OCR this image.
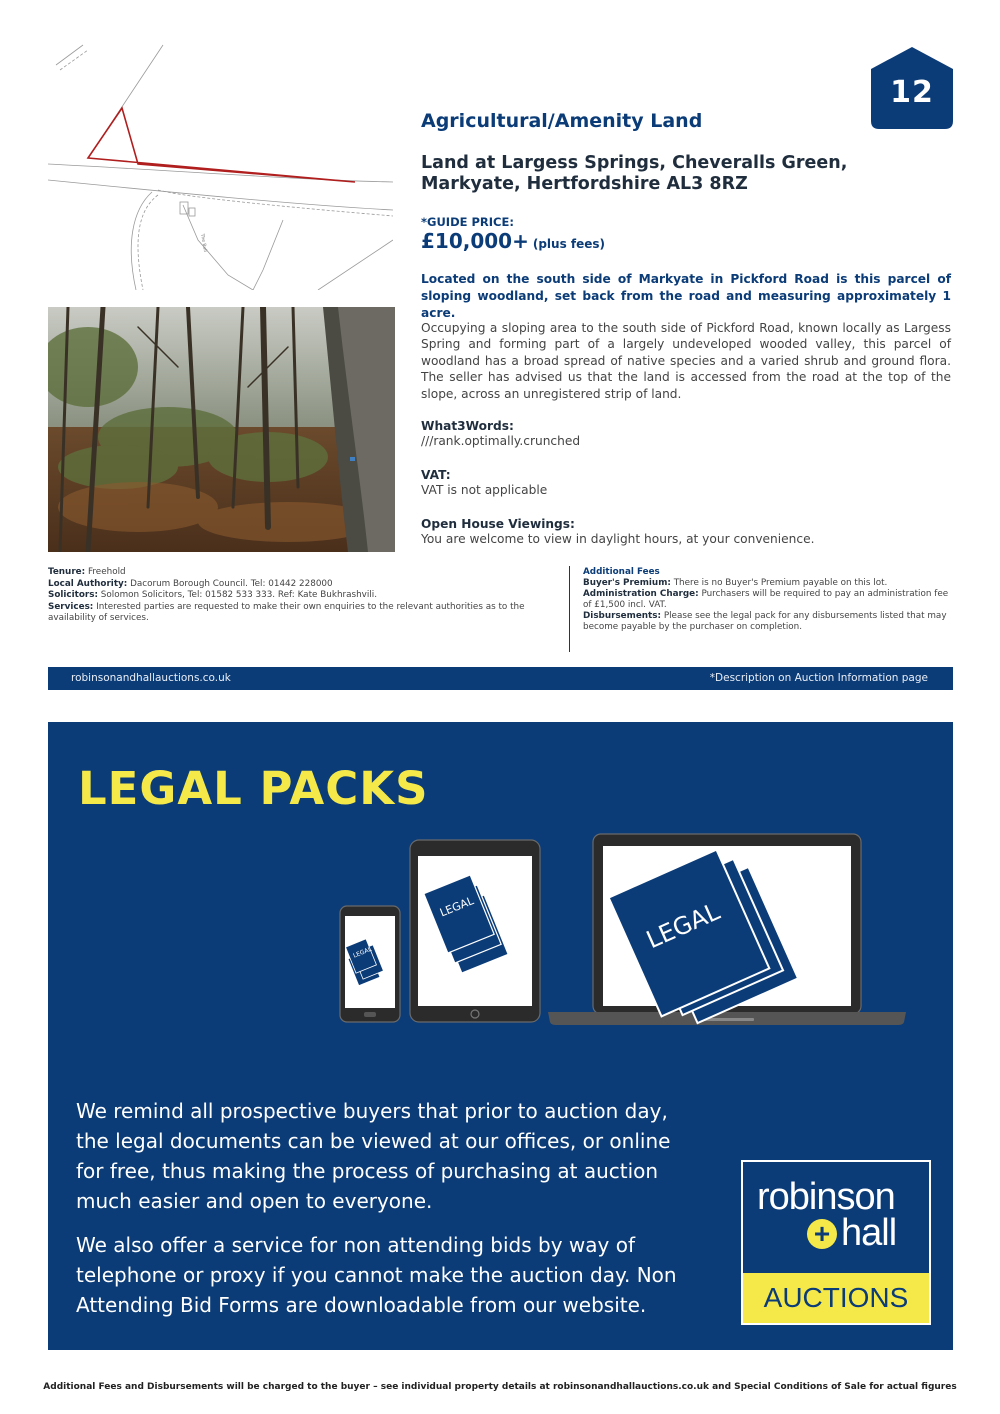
The Bull
12
Agricultural/Amenity Land
Land at Largess Springs, Cheveralls Green,
Markyate, Hertfordshire AL3 8RZ
*GUIDE PRICE:
£10,000+ (plus fees)
Located on the south side of Markyate in Pickford Road is this parcel of sloping woodland, set back from the road and measuring approximately 1 acre.
Occupying a sloping area to the south side of Pickford Road, known locally as Largess Spring and forming part of a largely undeveloped wooded valley, this parcel of woodland has a broad spread of native species and a varied shrub and ground flora. The seller has advised us that the land is accessed from the road at the top of the slope, across an unregistered strip of land.
What3Words:
///rank.optimally.crunched
VAT:
VAT is not applicable
Open House Viewings:
You are welcome to view in daylight hours, at your convenience.
Tenure: Freehold
Local Authority: Dacorum Borough Council. Tel: 01442 228000
Solicitors: Solomon Solicitors, Tel: 01582 533 333. Ref: Kate Bukhrashvili.
Services: Interested parties are requested to make their own enquiries to the relevant authorities as to the availability of services.
Additional Fees
Buyer's Premium: There is no Buyer's Premium payable on this lot.
Administration Charge: Purchasers will be required to pay an administration fee of £1,500 incl. VAT.
Disbursements: Please see the legal pack for any disbursements listed that may become payable by the purchaser on completion.
robinsonandhallauctions.co.uk	*Description on Auction Information page
LEGAL PACKS
LEGAL
LEGAL	LEGAL

We remind all prospective buyers that prior to auction day, the legal documents can be viewed at our offices, or online for free, thus making the process of purchasing at auction much easier and open to everyone.

We also offer a service for non attending bids by way of telephone or proxy if you cannot make the auction day. Non Attending Bid Forms are downloadable from our website.

robinson
+ hall
AUCTIONS
Additional Fees and Disbursements will be charged to the buyer – see individual property details at robinsonandhallauctions.co.uk and Special Conditions of Sale for actual figures
